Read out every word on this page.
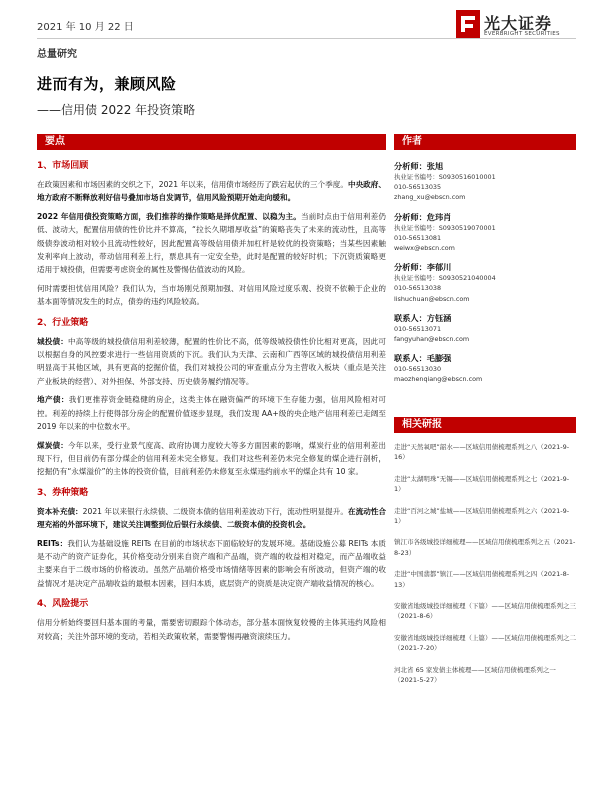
2021 年 10 月 22 日	光大证券
EVERBRIGHT SECURITIES
总量研究
进而有为，兼顾风险
——信用债 2022 年投资策略
要点	作者
1、市场回顾

在政策因素和市场因素的交织之下，2021 年以来，信用债市场经历了跌宕起伏的三个季度。中央政府、地方政府不断释放利好信号叠加市场自发调节，信用风险预期开始走向缓和。

2022 年信用债投资策略方面，我们推荐的操作策略是择优配置、以稳为主。当前时点由于信用利差仍低、波动大，配置信用债的性价比并不算高，“拉长久期增厚收益”的策略丧失了未来的流动性，且高等级债券波动相对较小且流动性较好，因此配置高等级信用债并加杠杆是较优的投资策略；当某些因素触发利率向上波动，带动信用利差上行，票息具有一定安全垫，此时是配置的较好时机；下沉资质策略更适用于城投债，但需要考虑资金的属性及警惕估值波动的风险。

何时需要担忧信用风险？我们认为，当市场刚兑预期加强、对信用风险过度乐观、投资不依赖于企业的基本面等情况发生的时点，债券的违约风险较高。

2、行业策略

城投债：中高等级的城投债信用利差较薄，配置的性价比不高，低等级城投债性价比相对更高，因此可以根据自身的风控要求进行一些信用资质的下沉。我们认为天津、云南和广西等区域的城投债信用利差明显高于其他区域，具有更高的挖掘价值，我们对城投公司的审查重点分为主营收入板块（重点是关注产业板块的经营）、对外担保、外部支持、历史债务履约情况等。

地产债：我们更推荐资金链稳健的房企，这类主体在融资偏严的环境下生存能力强，信用风险相对可控。利差的持续上行使得部分房企的配置价值逐步显现，我们发现 AA+级的央企地产信用利差已走阔至 2019 年以来的中位数水平。

煤炭债：今年以来，受行业景气度高、政府协调力度较大等多方面因素的影响，煤炭行业的信用利差出现下行，但目前仍有部分煤企的信用利差未完全修复。我们对这些利差仍未完全修复的煤企进行剖析，挖掘仍有“永煤溢价”的主体的投资价值，目前利差仍未修复至永煤违约前水平的煤企共有 10 家。

3、券种策略

资本补充债：2021 年以来银行永续债、二级资本债的信用利差波动下行，流动性明显提升。在流动性合理充裕的外部环境下，建议关注调整到位后银行永续债、二级资本债的投资机会。

REITs：我们认为基础设施 REITs 在目前的市场状态下面临较好的发展环境。基础设施公募 REITs 本质是不动产的资产证券化，其价格变动分别来自资产端和产品端，资产端的收益相对稳定，而产品端收益主要来自于二级市场的价格波动。虽然产品端价格受市场情绪等因素的影响会有所波动，但资产端的收益情况才是决定产品端收益的最根本因素，回归本质，底层资产的资质是决定资产端收益情况的核心。

4、风险提示

信用分析始终要回归基本面的考量，需要密切跟踪个体动态，部分基本面恢复较慢的主体其违约风险相对较高；关注外部环境的变动，若相关政策收紧，需要警惕再融资滚续压力。

分析师：张旭
执业证书编号：S0930516010001
010-56513035
zhang_xu@ebscn.com
分析师：危玮肖
执业证书编号：S0930519070001
010-56513081
weiwx@ebscn.com
分析师：李郁川
执业证书编号：S0930521040004
010-56513038
lishuchuan@ebscn.com
联系人：方钰涵
010-56513071
fangyuhan@ebscn.com
联系人：毛膨强
010-56513030
maozhenqiang@ebscn.com
相关研报
走进“天然氧吧”韶水——区域信用债梳理系列之八（2021-9-16）
走进“太湖明珠”无锡——区域信用债梳理系列之七（2021-9-1）
走进“百河之城”盐城——区域信用债梳理系列之六（2021-9-1）
镇江市各级城投详细梳理——区域信用债梳理系列之五（2021-8-23）
走进“中国翡都”镇江——区域信用债梳理系列之四（2021-8-13）
安徽省地级城投详细梳理（下篇）——区域信用债梳理系列之三（2021-8-6）
安徽省地级城投详细梳理（上篇）——区域信用债梳理系列之二（2021-7-20）
河北省 65 家发债主体梳理——区域信用债梳理系列之一（2021-5-27）
